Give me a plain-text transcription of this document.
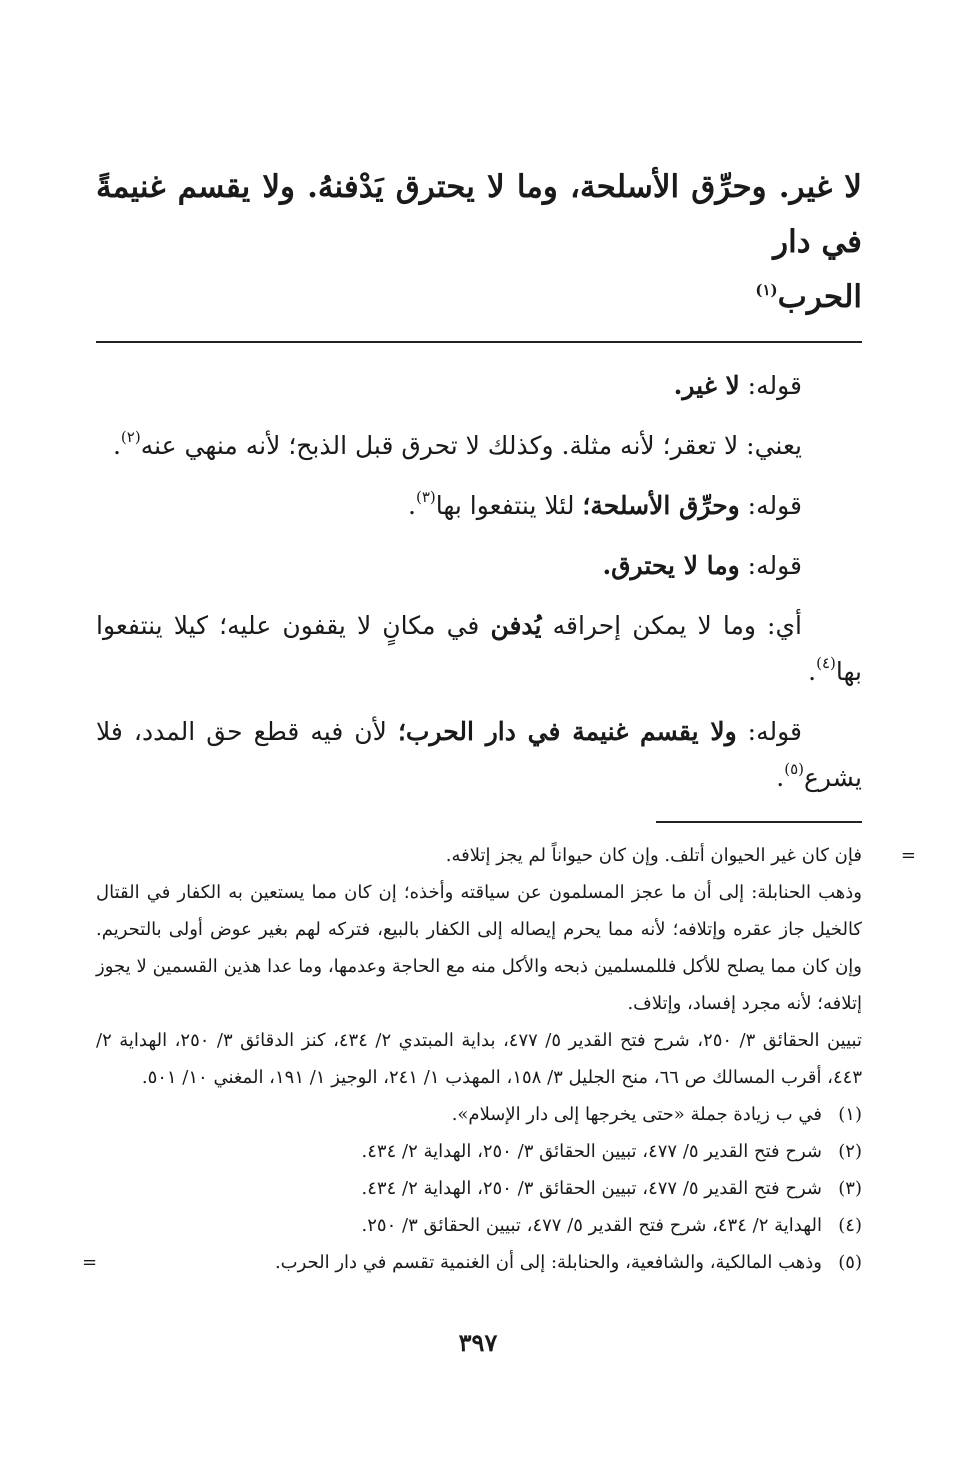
لا غير. وحرِّق الأسلحة، وما لا يحترق يَدْفنهُ. ولا يقسم غنيمةً في دار
الحرب$^{(١)}$

قوله: لا غير.

يعني: لا تعقر؛ لأنه مثلة. وكذلك لا تحرق قبل الذبح؛ لأنه منهي عنه$^{(٢)}$.

قوله: وحرِّق الأسلحة؛ لئلا ينتفعوا بها$^{(٣)}$.

قوله: وما لا يحترق.

أي: وما لا يمكن إحراقه يُدفن في مكانٍ لا يقفون عليه؛ كيلا ينتفعوا بها$^{(٤)}$.

قوله: ولا يقسم غنيمة في دار الحرب؛ لأن فيه قطع حق المدد، فلا يشرع$^{(٥)}$.

=
فإن كان غير الحيوان أتلف. وإن كان حيواناً لم يجز إتلافه.

وذهب الحنابلة: إلى أن ما عجز المسلمون عن سياقته وأخذه؛ إن كان مما يستعين به الكفار في القتال كالخيل جاز عقره وإتلافه؛ لأنه مما يحرم إيصاله إلى الكفار بالبيع، فتركه لهم بغير عوض أولى بالتحريم. وإن كان مما يصلح للأكل فللمسلمين ذبحه والأكل منه مع الحاجة وعدمها، وما عدا هذين القسمين لا يجوز إتلافه؛ لأنه مجرد إفساد، وإتلاف.

تبيين الحقائق ٣/ ٢٥٠، شرح فتح القدير ٥/ ٤٧٧، بداية المبتدي ٢/ ٤٣٤، كنز الدقائق ٣/ ٢٥٠، الهداية ٢/ ٤٤٣، أقرب المسالك ص ٦٦، منح الجليل ٣/ ١٥٨، المهذب ١/ ٢٤١، الوجيز ١/ ١٩١، المغني ١٠/ ٥٠١.

(١)في ب زيادة جملة «حتى يخرجها إلى دار الإسلام».

(٢)شرح فتح القدير ٥/ ٤٧٧، تبيين الحقائق ٣/ ٢٥٠، الهداية ٢/ ٤٣٤.

(٣)شرح فتح القدير ٥/ ٤٧٧، تبيين الحقائق ٣/ ٢٥٠، الهداية ٢/ ٤٣٤.

(٤)الهداية ٢/ ٤٣٤، شرح فتح القدير ٥/ ٤٧٧، تبيين الحقائق ٣/ ٢٥٠.

(٥)وذهب المالكية، والشافعية، والحنابلة: إلى أن الغنمية تقسم في دار الحرب.
=

٣٩٧
